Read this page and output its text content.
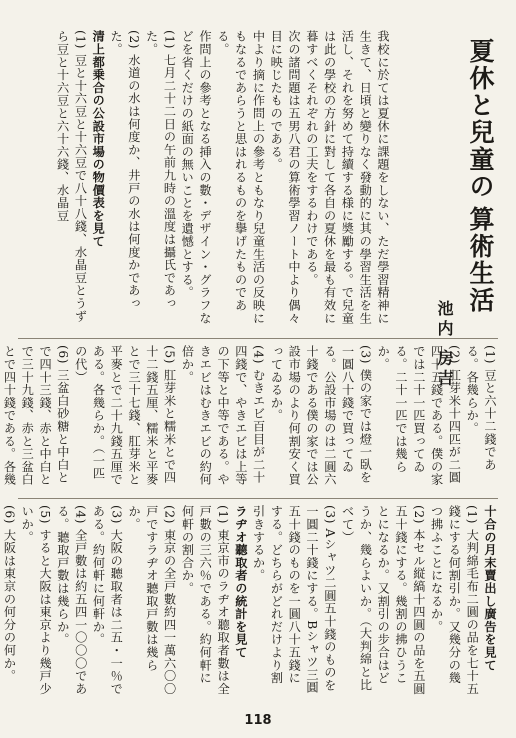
夏休と兒童の
算術生活
池内 房吉

我校に於ては夏休に課題をしない、ただ學習精神に生きて、日頃と變りなく發動的に其の學習生活を生活し、それを努めて持續する様に奬勵する。で兒童は此の學校の方針に對して各自の夏休を最も有效に暮すべくそれぞれの工夫をするわけである。

次の諸問題は五男八君の算術學習ノート中より偶々目に映じたものである。

中より摘に作問上の參考ともなり兒童生活の反映にもなるであらうと思はれるものを擧げたものである。

作問上の參考となる挿入の數・デザイン・グラフなどを省くだけの紙面の無いことを遺憾とする。

(1) 七月二十二日の午前九時の溫度は攝氏であった。

(2) 水道の水は何度か、井戸の水は何度かであった。

清上都乗合の公設市場の物價表を見て

(1) 豆と十六豆と十六豆で八十八錢、水晶豆とうずら豆と十六豆と六十六錢、水晶豆

(1) 豆と六十二錢である。各幾らか。

(2) 肛芽米十四匹が二圓四十五錢である。僕の家では二十一匹買ってゐる。二十一匹では幾らか。

(3) 僕の家では燈一臥を一圓八十錢で買ってゐる。公設市場のは二圓六十錢である僕の家では公設市場のより何割安く買ってゐるか。

(4) むきエビ百目が二十四錢で、やきエビは上等の下等と中等である。やきエビはむきエビの約何倍か。

(5) 肛芽米と糯米とで四十二錢五厘、糯米と平麥とで三十七錢、肛芽米と平麥とで二十九錢五厘である。各幾らか。（一匹の代）

(6) 三盆白砂糖と中白とで四十三錢、赤と中白とで三十九錢、赤と三盆白とで四十錢である。各幾

十合の月末賣出し廣告を見て

(1) 大判綿毛布二圓の品を七十五錢にする何割引か。又幾分の幾つ拂ふことになるか。

(2) 本セル縦縞十四圓の品を五圓五十錢にする。幾割の拂ひうことになるか。又割引の步合はどうか、幾らよいか。（大判綿と比べて）

(3) Aシャツ二圓五十錢のものを一圓二十錢にする。Bシャツ三圓五十錢のものを一圓八十五錢にする。どちらがどれだけより割引きするか。

ラヂオ聽取者の統計を見て

(1) 東京市のラヂオ聽取者數は全戸數の三六％である。約何軒に何軒の割合か。

(2) 東京の全戸數約四一萬六〇〇戸ですラヂオ聽取戸數は幾らか。

(3) 大阪の聽取者は二五・一％である。約何軒に何軒か。

(4) 全戸數は約五四一〇〇〇である。聽取戸數は幾らか。

(5) すると大阪は東京より幾戸少いか。

(6) 大阪は東京の何分の何か。

118
